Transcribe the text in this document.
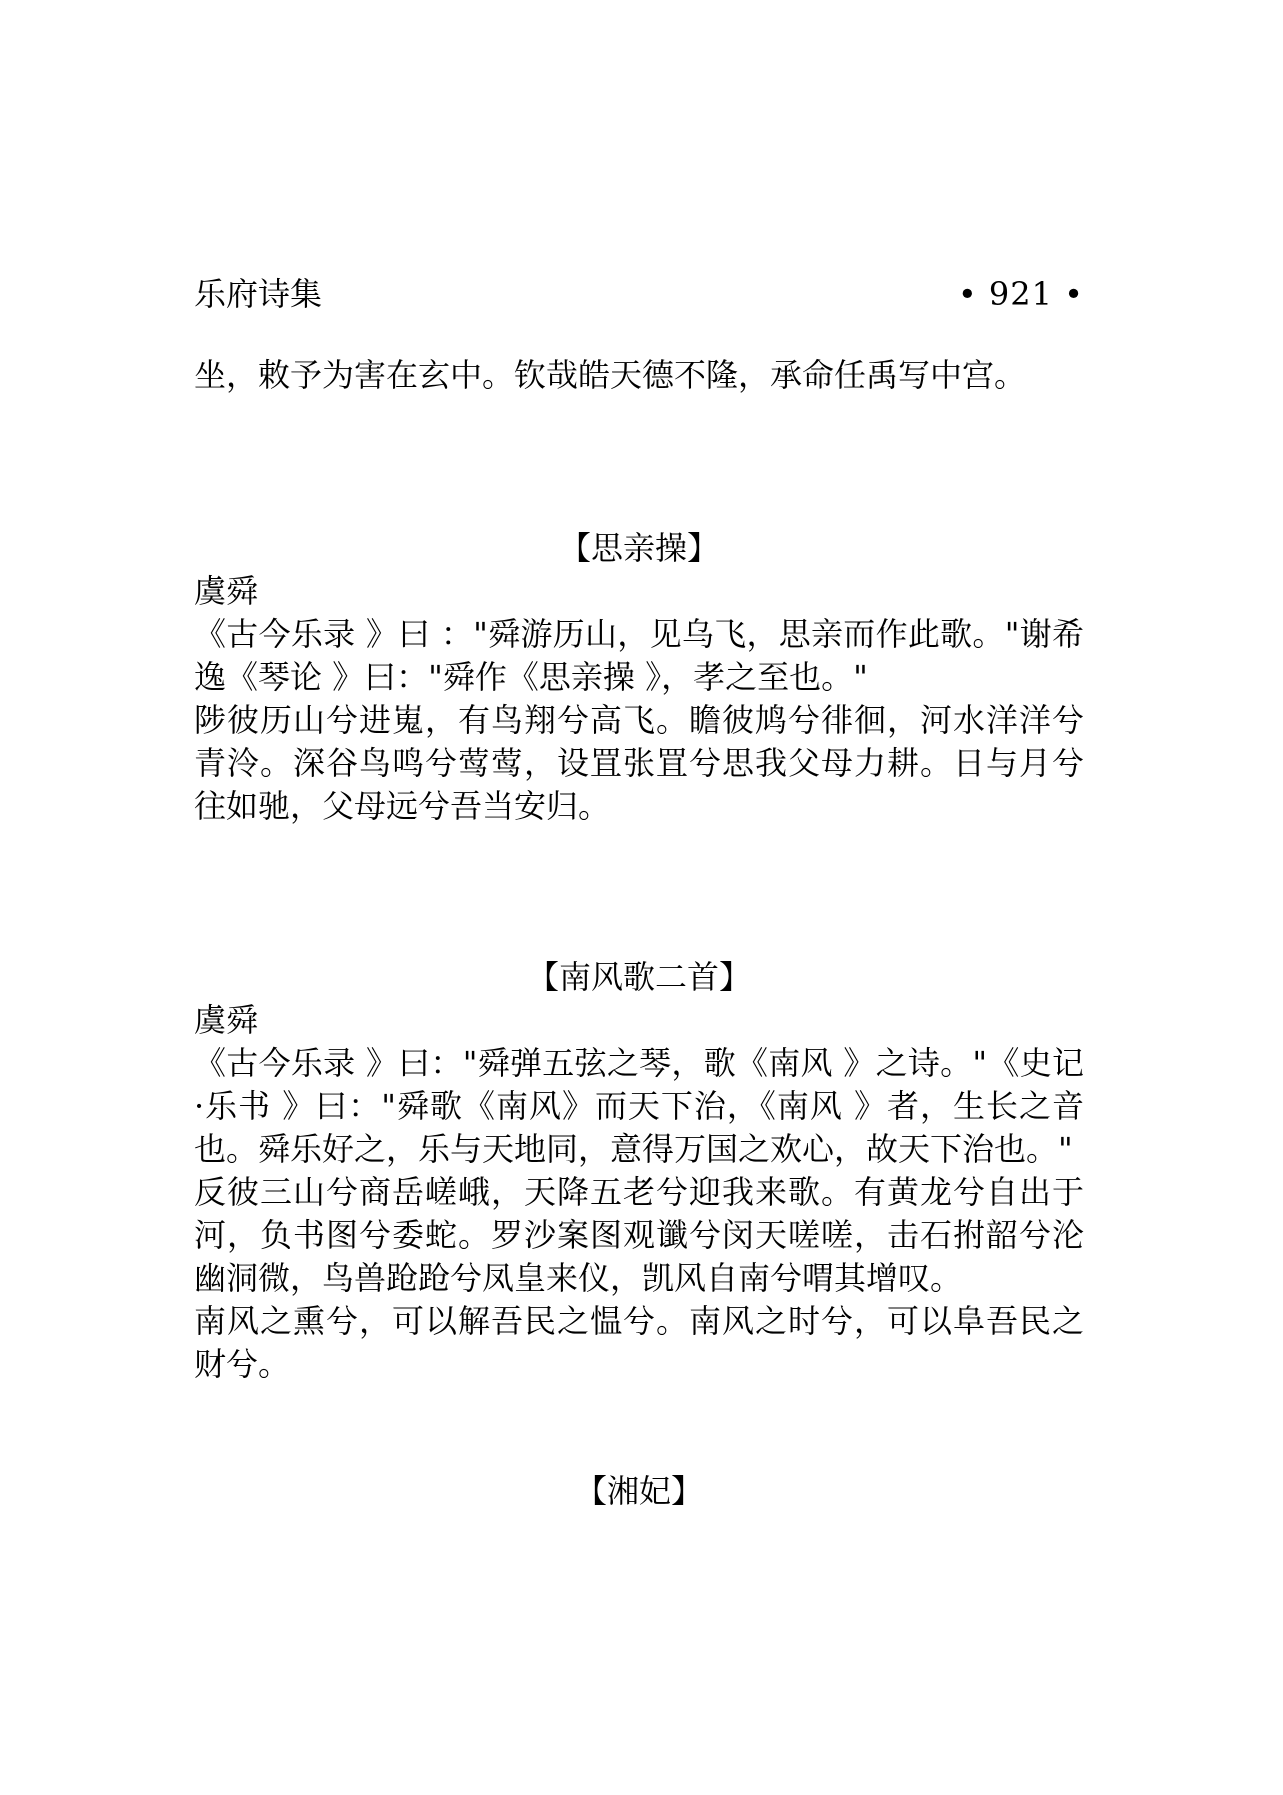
乐府诗集	• 921 •

坐，敕予为害在玄中。钦哉皓天德不隆，承命任禹写中宫。

【思亲操】

虞舜

《古今乐录 》曰 ："舜游历山，见乌飞，思亲而作此歌。"谢希逸《琴论 》曰："舜作《思亲操 》，孝之至也。"

陟彼历山兮进嵬，有鸟翔兮高飞。瞻彼鸠兮徘徊，河水洋洋兮青泠。深谷鸟鸣兮莺莺，设罝张罝兮思我父母力耕。日与月兮往如驰，父母远兮吾当安归。

【南风歌二首】

虞舜

《古今乐录 》曰："舜弹五弦之琴，歌《南风 》之诗。"《史记·乐书 》曰："舜歌《南风》而天下治，《南风 》者，生长之音也。舜乐好之，乐与天地同，意得万国之欢心，故天下治也。"

反彼三山兮商岳嵯峨，天降五老兮迎我来歌。有黄龙兮自出于河，负书图兮委蛇。罗沙案图观谶兮闵天嗟嗟，击石拊韶兮沦幽洞微，鸟兽跄跄兮凤皇来仪，凯风自南兮喟其增叹。

南风之熏兮，可以解吾民之愠兮。南风之时兮，可以阜吾民之财兮。

【湘妃】
